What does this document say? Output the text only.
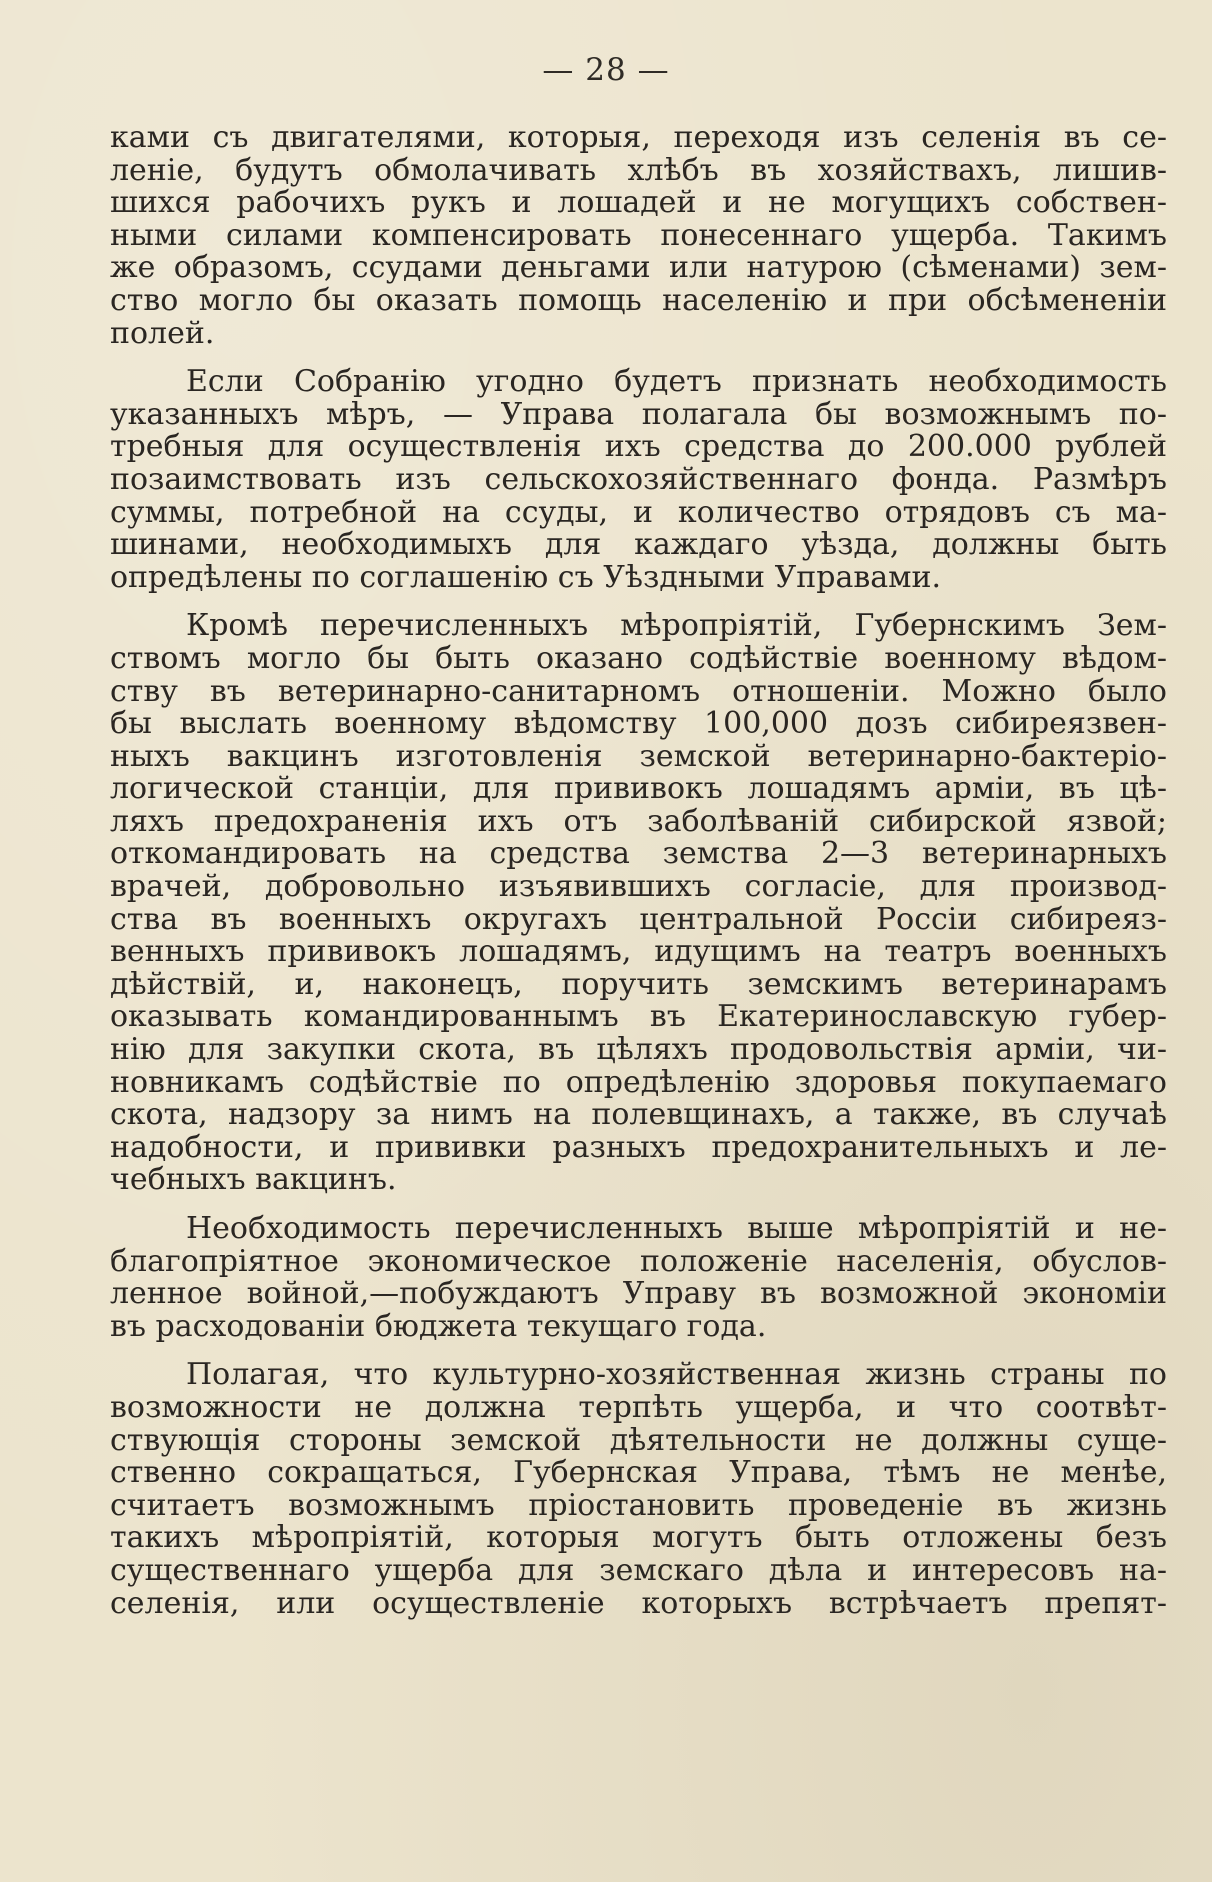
— 28 —
ками съ двигателями, которыя, переходя изъ селенія въ се-
леніе, будутъ обмолачивать хлѣбъ въ хозяйствахъ, лишив-
шихся рабочихъ рукъ и лошадей и не могущихъ собствен-
ными силами компенсировать понесеннаго ущерба. Такимъ
же образомъ, ссудами деньгами или натурою (сѣменами) зем-
ство могло бы оказать помощь населенію и при обсѣмененіи
полей.
Если Собранію угодно будетъ признать необходимость
указанныхъ мѣръ, — Управа полагала бы возможнымъ по-
требныя для осуществленія ихъ средства до 200.000 рублей
позаимствовать изъ сельскохозяйственнаго фонда. Размѣръ
суммы, потребной на ссуды, и количество отрядовъ съ ма-
шинами, необходимыхъ для каждаго уѣзда, должны быть
опредѣлены по соглашенію съ Уѣздными Управами.
Кромѣ перечисленныхъ мѣропріятій, Губернскимъ Зем-
ствомъ могло бы быть оказано содѣйствіе военному вѣдом-
ству въ ветеринарно-санитарномъ отношеніи. Можно было
бы выслать военному вѣдомству 100,000 дозъ сибиреязвен-
ныхъ вакцинъ изготовленія земской ветеринарно-бактеріо-
логической станціи, для прививокъ лошадямъ арміи, въ цѣ-
ляхъ предохраненія ихъ отъ заболѣваній сибирской язвой;
откомандировать на средства земства 2—3 ветеринарныхъ
врачей, добровольно изъявившихъ согласіе, для производ-
ства въ военныхъ округахъ центральной Россіи сибиреяз-
венныхъ прививокъ лошадямъ, идущимъ на театръ военныхъ
дѣйствій, и, наконецъ, поручить земскимъ ветеринарамъ
оказывать командированнымъ въ Екатеринославскую губер-
нію для закупки скота, въ цѣляхъ продовольствія арміи, чи-
новникамъ содѣйствіе по опредѣленію здоровья покупаемаго
скота, надзору за нимъ на полевщинахъ, а также, въ случаѣ
надобности, и прививки разныхъ предохранительныхъ и ле-
чебныхъ вакцинъ.
Необходимость перечисленныхъ выше мѣропріятій и не-
благопріятное экономическое положеніе населенія, обуслов-
ленное войной,—побуждаютъ Управу въ возможной экономіи
въ расходованіи бюджета текущаго года.
Полагая, что культурно-хозяйственная жизнь страны по
возможности не должна терпѣть ущерба, и что соотвѣт-
ствующія стороны земской дѣятельности не должны суще-
ственно сокращаться, Губернская Управа, тѣмъ не менѣе,
считаетъ возможнымъ пріостановить проведеніе въ жизнь
такихъ мѣропріятій, которыя могутъ быть отложены безъ
существеннаго ущерба для земскаго дѣла и интересовъ на-
селенія, или осуществленіе которыхъ встрѣчаетъ препят-
